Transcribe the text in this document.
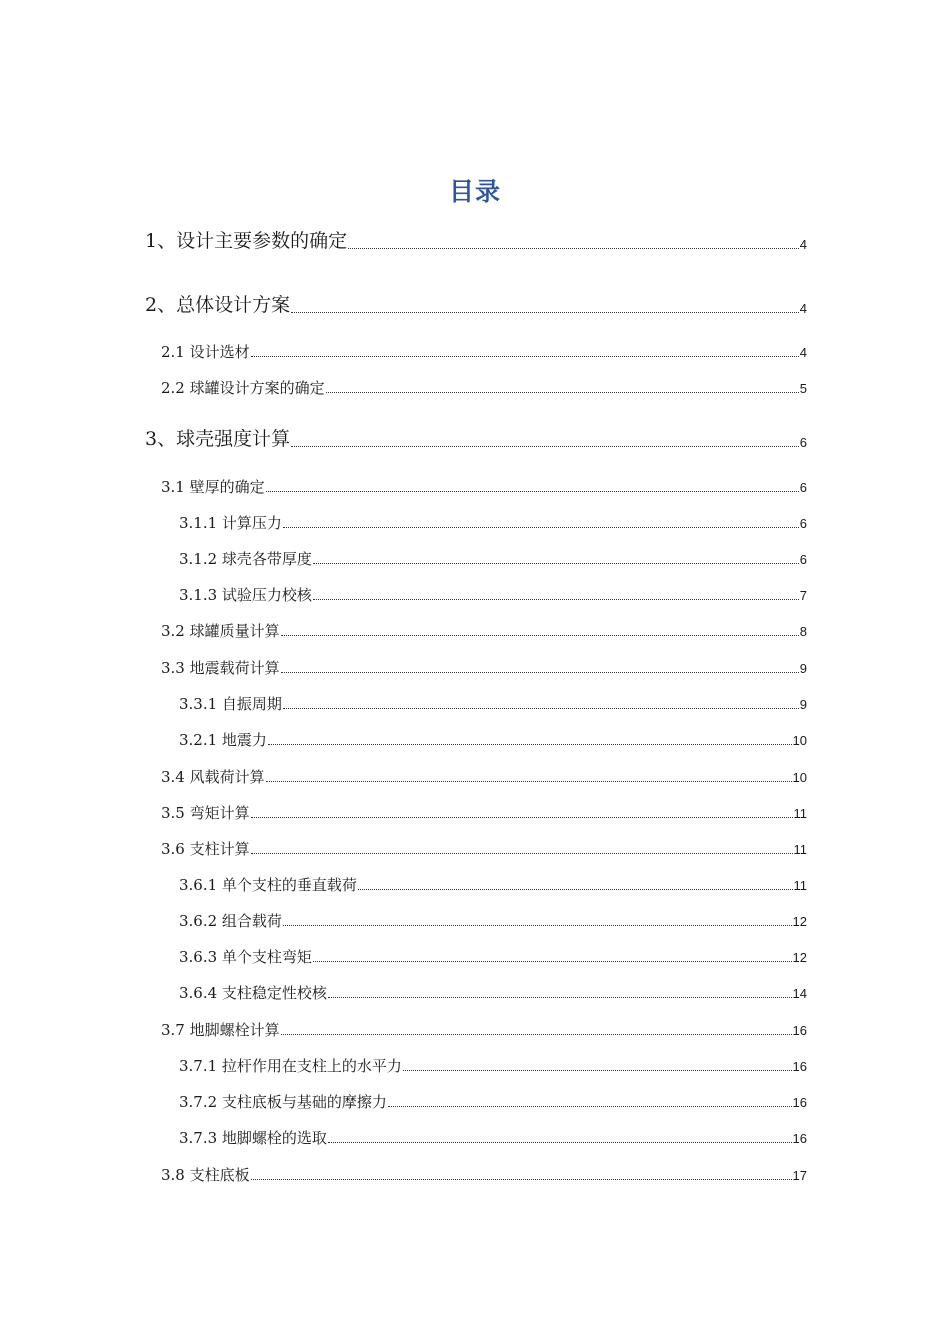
目录
1、设计主要参数的确定	4
2、总体设计方案	4
2.1 设计选材	4
2.2 球罐设计方案的确定	5
3、球壳强度计算	6
3.1 壁厚的确定	6
3.1.1 计算压力	6
3.1.2 球壳各带厚度	6
3.1.3 试验压力校核	7
3.2 球罐质量计算	8
3.3 地震载荷计算	9
3.3.1 自振周期	9
3.2.1 地震力	10
3.4 风载荷计算	10
3.5 弯矩计算	11
3.6 支柱计算	11
3.6.1 单个支柱的垂直载荷	11
3.6.2 组合载荷	12
3.6.3 单个支柱弯矩	12
3.6.4 支柱稳定性校核	14
3.7 地脚螺栓计算	16
3.7.1 拉杆作用在支柱上的水平力	16
3.7.2 支柱底板与基础的摩擦力	16
3.7.3 地脚螺栓的选取	16
3.8 支柱底板	17
